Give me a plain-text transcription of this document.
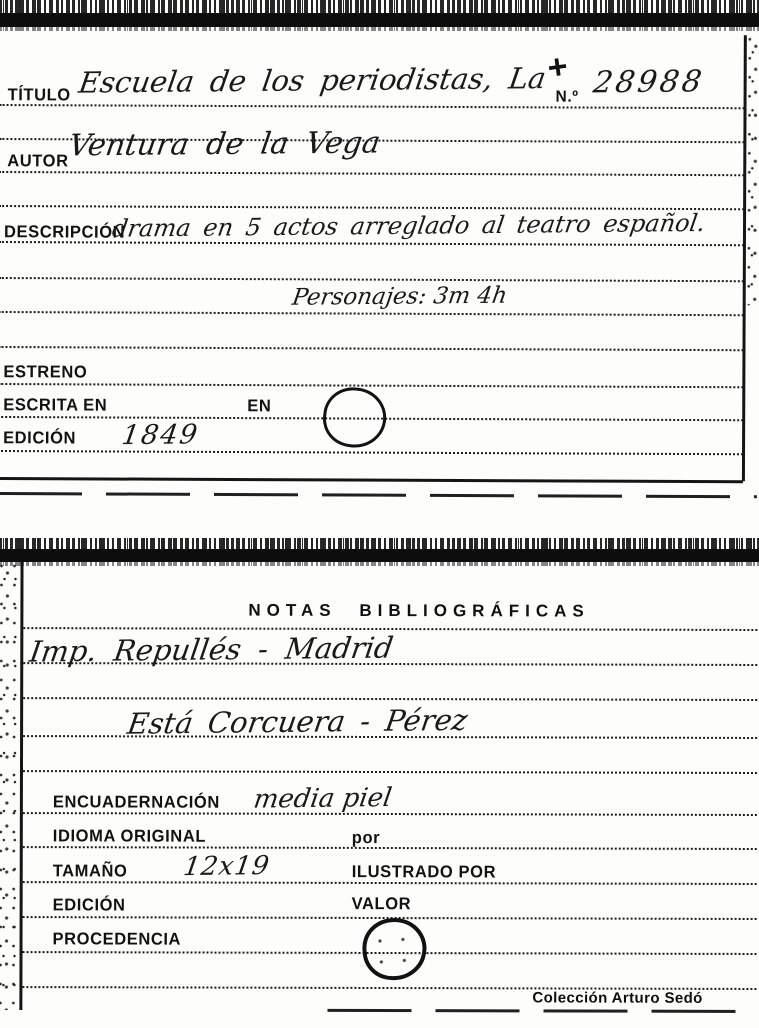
TÍTULO Escuela de los periodistas, La
+
N.º 28988
AUTOR
Ventura de la Vega
DESCRIPCIÓN
drama en 5 actos arreglado al teatro español.
Personajes: 3m 4h
ESTRENO
ESCRITA EN	EN
EDICIÓN 1849
NOTAS BIBLIOGRÁFICAS
Imp. Repullés - Madrid
Está Corcuera - Pérez
ENCUADERNACIÓN media piel
IDIOMA ORIGINAL	por
TAMAÑO 12x19	ILUSTRADO POR
EDICIÓN	VALOR
PROCEDENCIA
Colección Arturo Sedó
